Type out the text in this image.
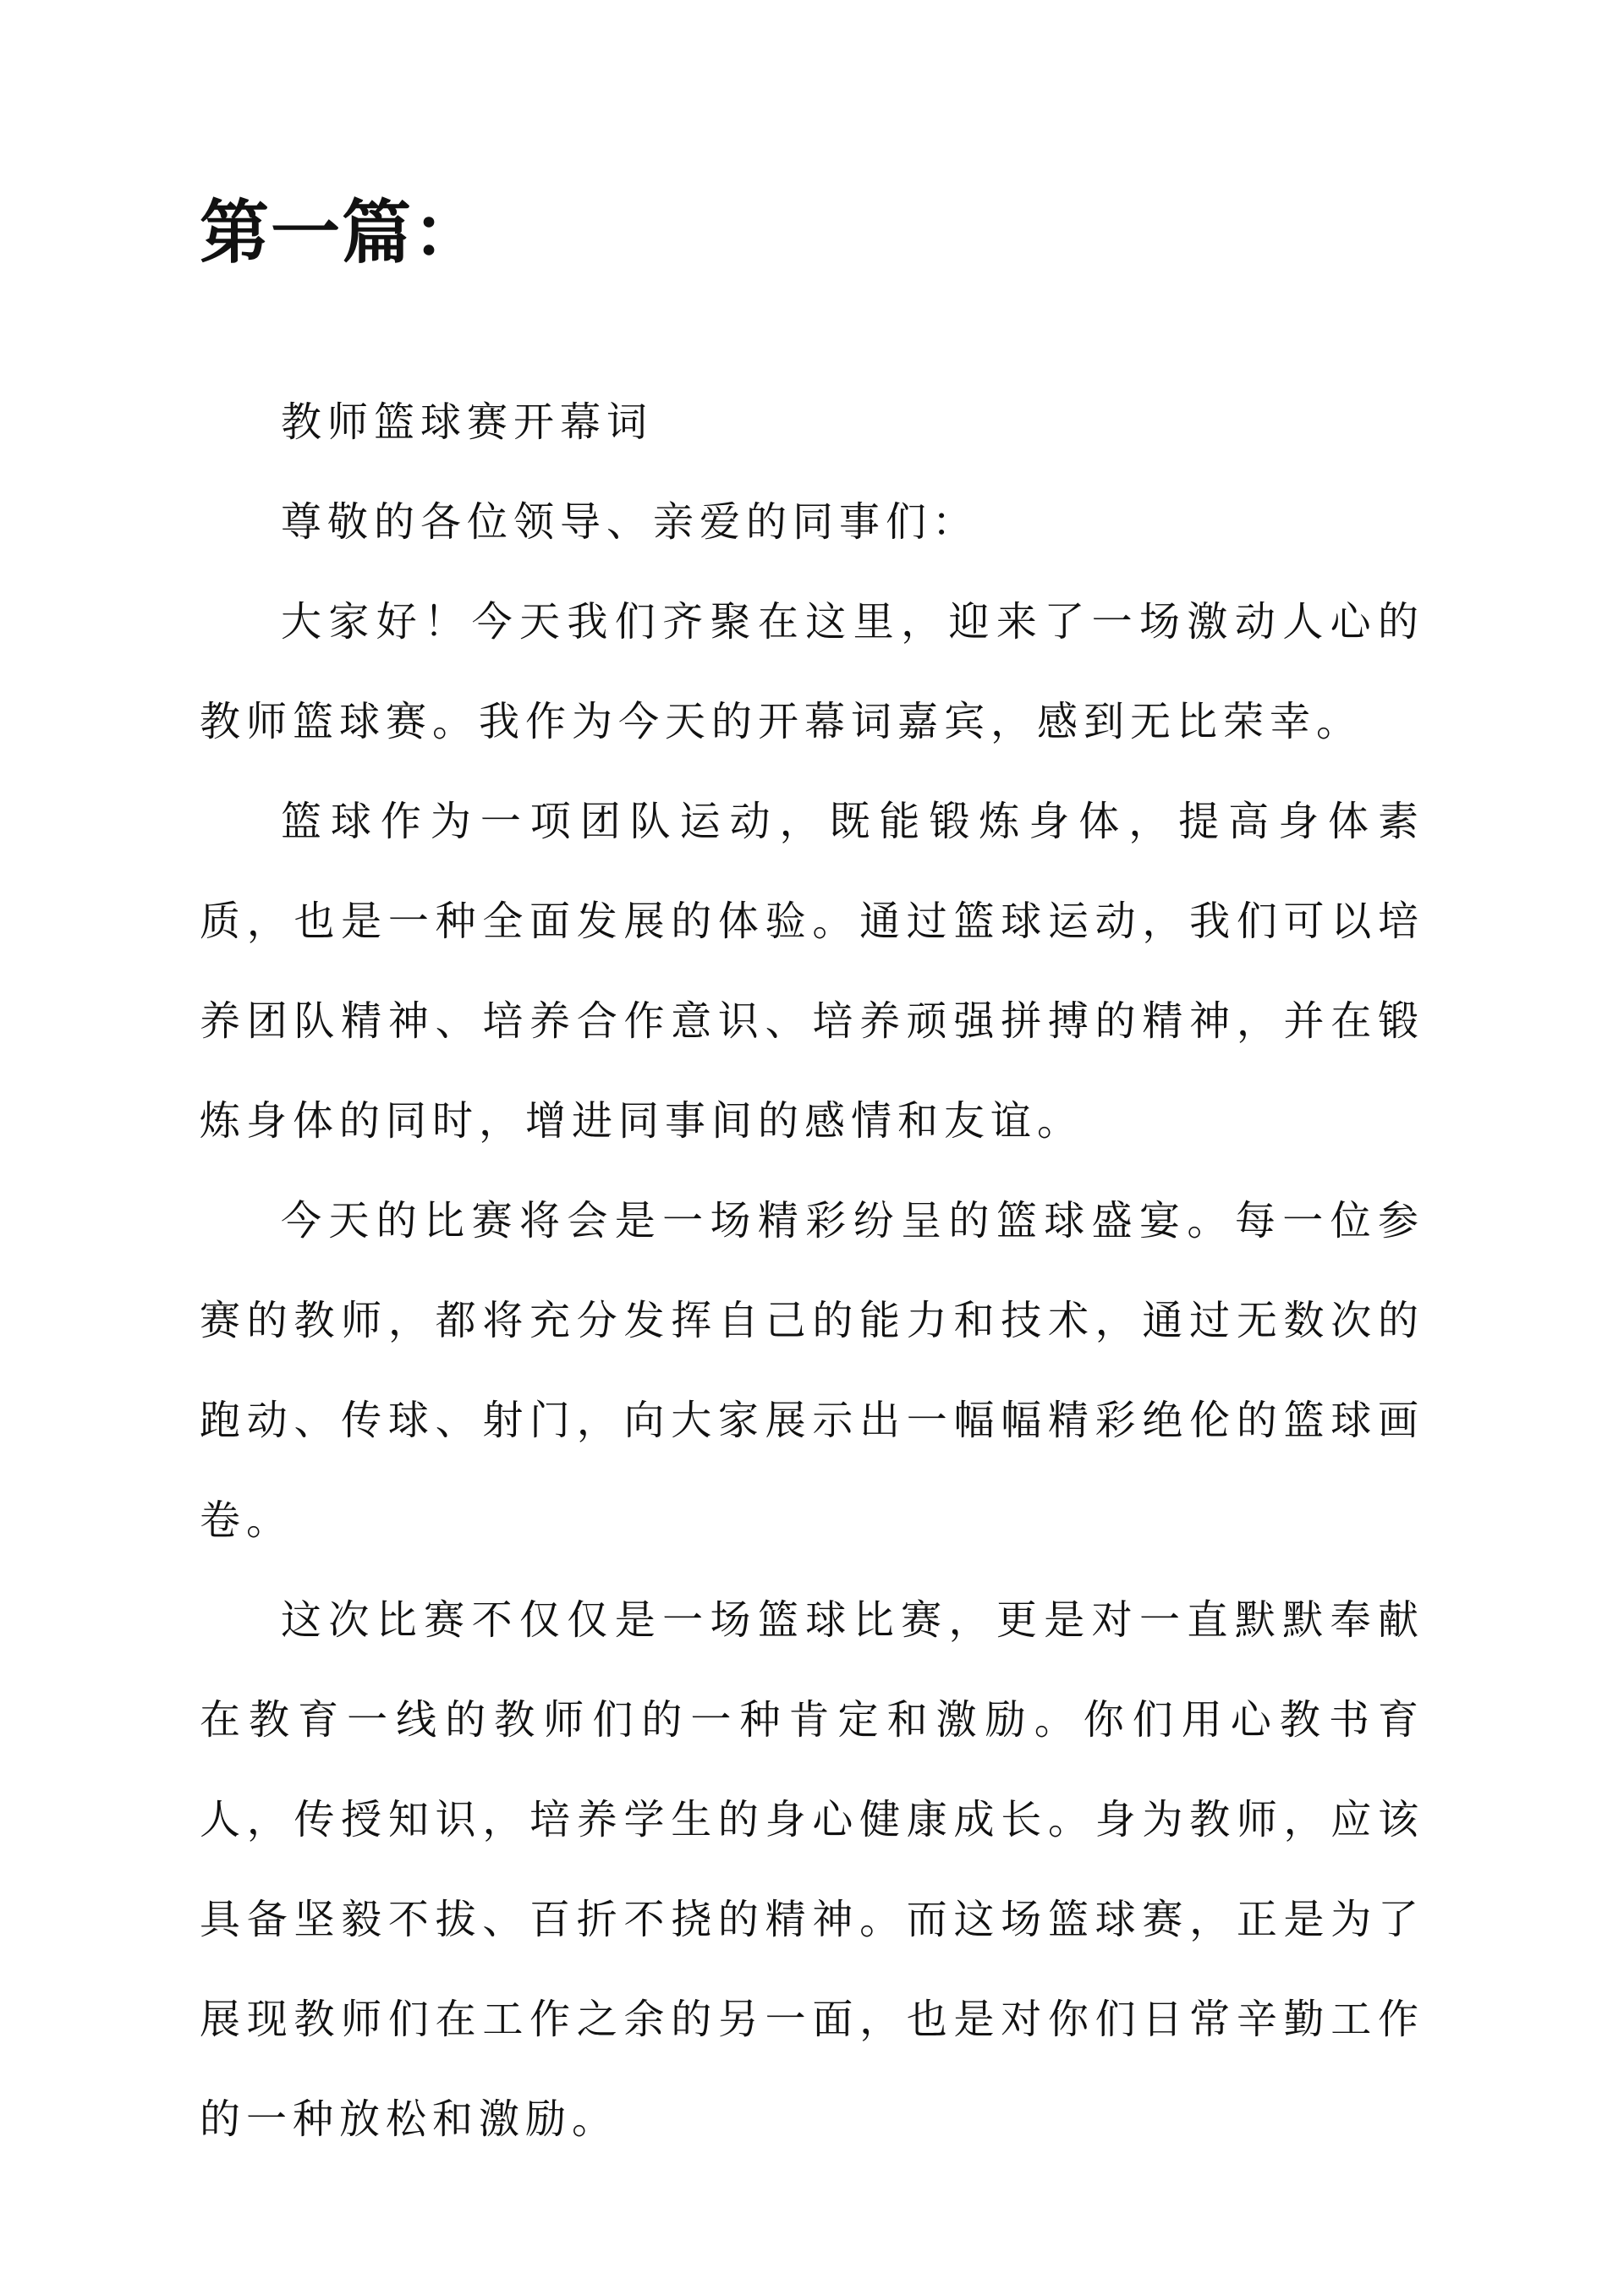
第一篇：

教师篮球赛开幕词

尊敬的各位领导、亲爱的同事们：

大家好！今天我们齐聚在这里，迎来了一场激动人心的教师篮球赛。我作为今天的开幕词嘉宾，感到无比荣幸。

篮球作为一项团队运动，既能锻炼身体，提高身体素质，也是一种全面发展的体验。通过篮球运动，我们可以培养团队精神、培养合作意识、培养顽强拼搏的精神，并在锻炼身体的同时，增进同事间的感情和友谊。

今天的比赛将会是一场精彩纷呈的篮球盛宴。每一位参赛的教师，都将充分发挥自己的能力和技术，通过无数次的跑动、传球、射门，向大家展示出一幅幅精彩绝伦的篮球画卷。

这次比赛不仅仅是一场篮球比赛，更是对一直默默奉献在教育一线的教师们的一种肯定和激励。你们用心教书育人，传授知识，培养学生的身心健康成长。身为教师，应该具备坚毅不拔、百折不挠的精神。而这场篮球赛，正是为了展现教师们在工作之余的另一面，也是对你们日常辛勤工作的一种放松和激励。
